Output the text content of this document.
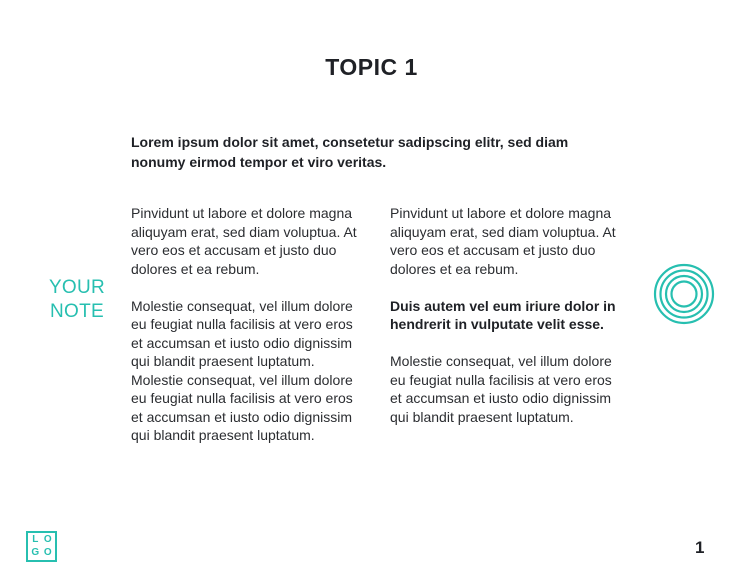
TOPIC 1
Lorem ipsum dolor sit amet, consetetur sadipscing elitr, sed diam nonumy eirmod tempor et viro veritas.
YOUR
NOTE

Pinvidunt ut labore et dolore magna aliquyam erat, sed diam voluptua. At vero eos et accusam et justo duo dolores et ea rebum.

Molestie consequat, vel illum dolore eu feugiat nulla facilisis at vero eros et accumsan et iusto odio dignissim qui blandit praesent luptatum.

Molestie consequat, vel illum dolore eu feugiat nulla facilisis at vero eros et accumsan et iusto odio dignissim qui blandit praesent luptatum.

Pinvidunt ut labore et dolore magna aliquyam erat, sed diam voluptua. At vero eos et accusam et justo duo dolores et ea rebum.

Duis autem vel eum iriure dolor in hendrerit in vulputate velit esse.

Molestie consequat, vel illum dolore eu feugiat nulla facilisis at vero eros et accumsan et iusto odio dignissim qui blandit praesent luptatum.

L O
G O	1
